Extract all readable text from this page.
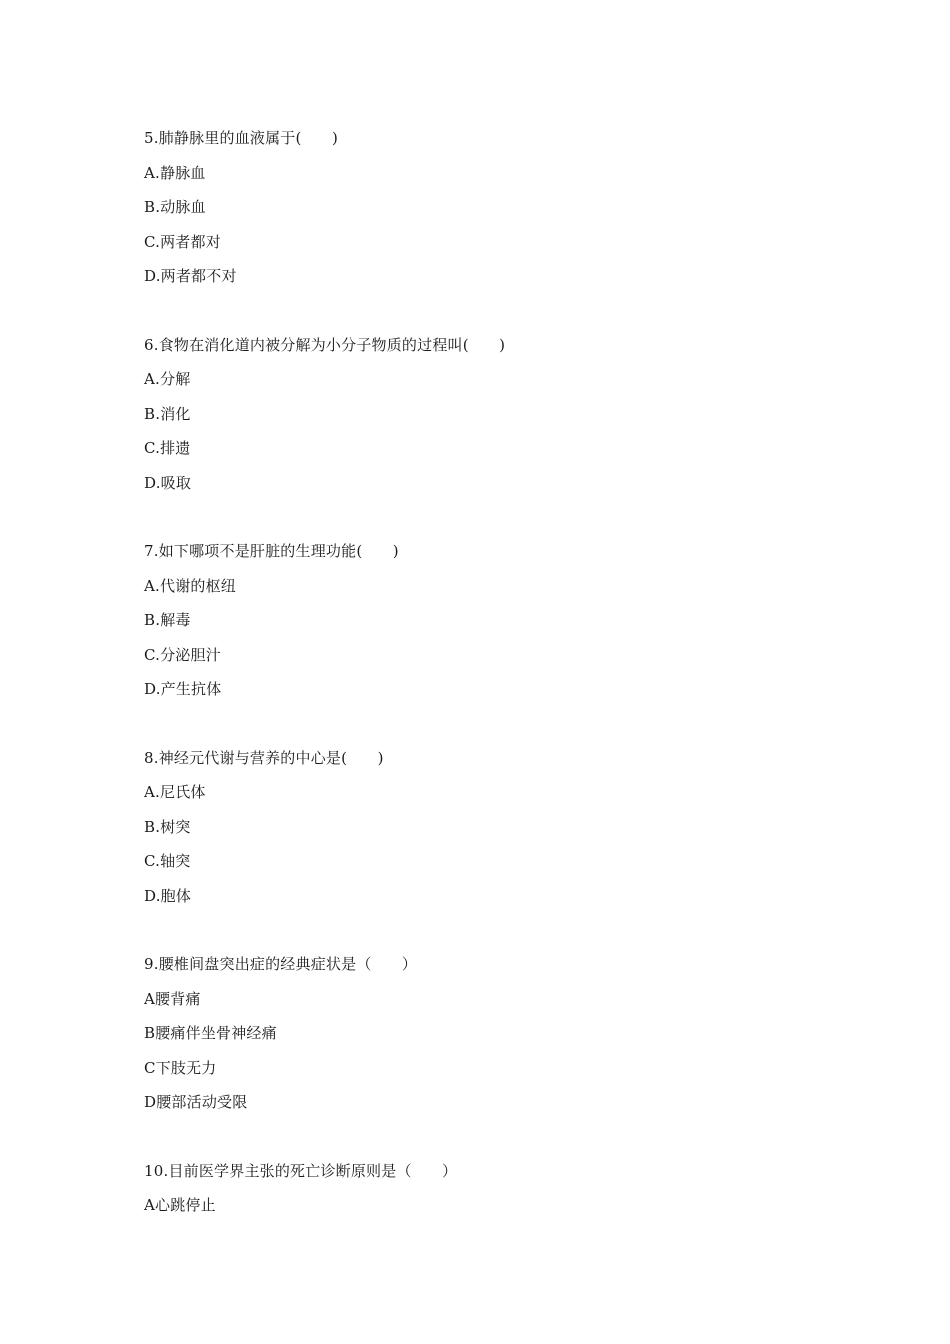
5.肺静脉里的血液属于(　　)
A.静脉血
B.动脉血
C.两者都对
D.两者都不对
6.食物在消化道内被分解为小分子物质的过程叫(　　)
A.分解
B.消化
C.排遗
D.吸取
7.如下哪项不是肝脏的生理功能(　　)
A.代谢的枢纽
B.解毒
C.分泌胆汁
D.产生抗体
8.神经元代谢与营养的中心是(　　)
A.尼氏体
B.树突
C.轴突
D.胞体
9.腰椎间盘突出症的经典症状是（　　）
A腰背痛
B腰痛伴坐骨神经痛
C下肢无力
D腰部活动受限
10.目前医学界主张的死亡诊断原则是（　　）
A心跳停止
